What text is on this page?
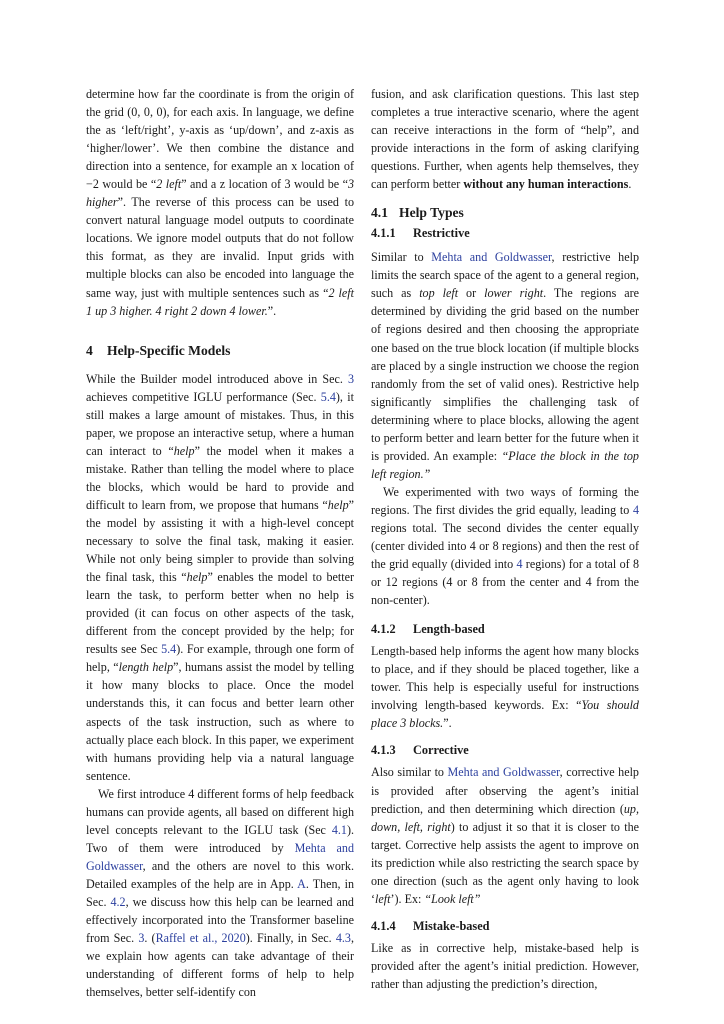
determine how far the coordinate is from the origin of the grid (0, 0, 0), for each axis. In language, we define the as ‘left/right’, y-axis as ‘up/down’, and z-axis as ‘higher/lower’. We then combine the distance and direction into a sentence, for example an x location of −2 would be “2 left” and a z location of 3 would be “3 higher”. The reverse of this process can be used to convert natural language model outputs to coordinate locations. We ignore model outputs that do not follow this format, as they are invalid. Input grids with multiple blocks can also be encoded into language the same way, just with multiple sentences such as “2 left 1 up 3 higher. 4 right 2 down 4 lower.”.

4 Help-Specific Models

While the Builder model introduced above in Sec. 3 achieves competitive IGLU performance (Sec. 5.4), it still makes a large amount of mistakes. Thus, in this paper, we propose an interactive setup, where a human can interact to “help” the model when it makes a mistake. Rather than telling the model where to place the blocks, which would be hard to provide and difficult to learn from, we propose that humans “help” the model by assisting it with a high-level concept necessary to solve the final task, making it easier. While not only being simpler to provide than solving the final task, this “help” enables the model to better learn the task, to perform better when no help is provided (it can focus on other aspects of the task, different from the concept provided by the help; for results see Sec 5.4). For example, through one form of help, “length help”, humans assist the model by telling it how many blocks to place. Once the model understands this, it can focus and better learn other aspects of the task instruction, such as where to actually place each block. In this paper, we experiment with humans providing help via a natural language sentence.

We first introduce 4 different forms of help feedback humans can provide agents, all based on different high level concepts relevant to the IGLU task (Sec 4.1). Two of them were introduced by Mehta and Goldwasser, and the others are novel to this work. Detailed examples of the help are in App. A. Then, in Sec. 4.2, we discuss how this help can be learned and effectively incorporated into the Transformer baseline from Sec. 3. (Raffel et al., 2020). Finally, in Sec. 4.3, we explain how agents can take advantage of their understanding of different forms of help to help themselves, better self-identify con

fusion, and ask clarification questions. This last step completes a true interactive scenario, where the agent can receive interactions in the form of “help”, and provide interactions in the form of asking clarifying questions. Further, when agents help themselves, they can perform better without any human interactions.

4.1 Help Types
4.1.1 Restrictive

Similar to Mehta and Goldwasser, restrictive help limits the search space of the agent to a general region, such as top left or lower right. The regions are determined by dividing the grid based on the number of regions desired and then choosing the appropriate one based on the true block location (if multiple blocks are placed by a single instruction we choose the region randomly from the set of valid ones). Restrictive help significantly simplifies the challenging task of determining where to place blocks, allowing the agent to perform better and learn better for the future when it is provided. An example: “Place the block in the top left region.”

We experimented with two ways of forming the regions. The first divides the grid equally, leading to 4 regions total. The second divides the center equally (center divided into 4 or 8 regions) and then the rest of the grid equally (divided into 4 regions) for a total of 8 or 12 regions (4 or 8 from the center and 4 from the non-center).

4.1.2 Length-based

Length-based help informs the agent how many blocks to place, and if they should be placed together, like a tower. This help is especially useful for instructions involving length-based keywords. Ex: “You should place 3 blocks.”.

4.1.3 Corrective

Also similar to Mehta and Goldwasser, corrective help is provided after observing the agent’s initial prediction, and then determining which direction (up, down, left, right) to adjust it so that it is closer to the target. Corrective help assists the agent to improve on its prediction while also restricting the search space by one direction (such as the agent only having to look ‘left’). Ex: “Look left”

4.1.4 Mistake-based

Like as in corrective help, mistake-based help is provided after the agent’s initial prediction. However, rather than adjusting the prediction’s direction,
